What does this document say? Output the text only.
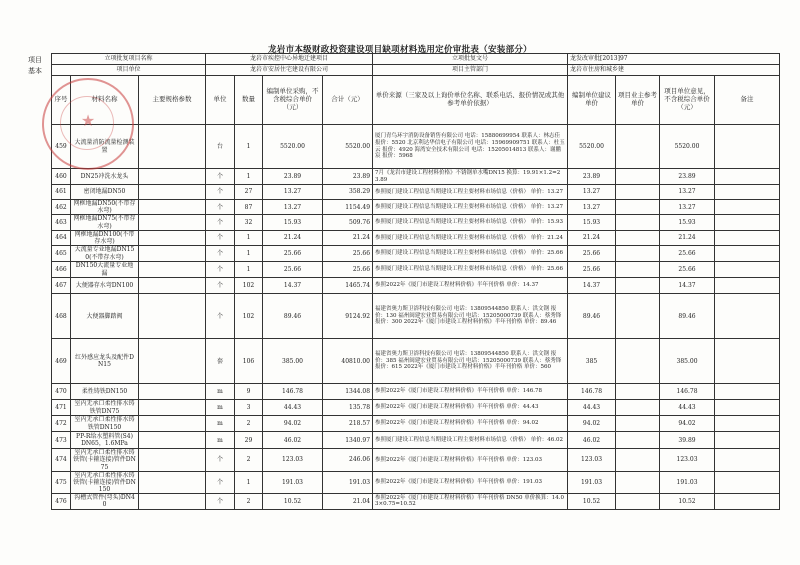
龙岩市本级财政投资建设项目缺项材料选用定价审批表（安装部分）
项目
基本
立项批复项目名称			龙岩市疾控中心异地迁建项目				立项批复文号	龙发改审批[2013]97			
项目单位			龙岩市安居住宅建设有限公司				项目主管部门	龙岩市住房和城乡建			
序号	材料名称	主要规格参数	单位	数量	编制单位采购，不含税综合单价（元）	合计（元）	单价来源（三家及以上询价单位名称、联系电话、报价情况或其他参考单价依据）	编制单位建议单价	项目业主参考单价	项目单位意见，不含税综合单价（元）	备注
459	大流量消防流量检测装置		台	1	5520.00	5520.00	厦门青鸟环宇消防设备销售有限公司 电话：15880699954 联系人：林志佳 报价：5520 北京利达华信电子有限公司 电话：15969909751 联系人：杜玉云 报价：4920 海湾安全技术有限公司 电话：15205014813 联系人：谢鹏宸 报价：5968	5520.00		5520.00	
460	DN25冲洗水龙头		个	1	23.89	23.89	7月《龙岩市建设工程材料价格》不锈钢单水嘴DN15 换算：19.91×1.2=23.89	23.89		23.89	
461	密闭地漏DN50		个	27	13.27	358.29	参照厦门建设工程信息当期建设工程主要材料市场信息（价格） 单价：13.27	13.27		13.27	
462	网框地漏DN50(不带存水弯)		个	87	13.27	1154.49	参照厦门建设工程信息当期建设工程主要材料市场信息（价格） 单价：13.27	13.27		13.27	
463	网框地漏DN75(不带存水弯)		个	32	15.93	509.76	参照厦门建设工程信息当期建设工程主要材料市场信息（价格） 单价：15.93	15.93		15.93	
464	网框地漏DN100(不带存水弯)		个	1	21.24	21.24	参照厦门建设工程信息当期建设工程主要材料市场信息（价格） 单价：21.24	21.24		21.24	
465	大流量专业地漏DN150(不带存水弯)		个	1	25.66	25.66	参照厦门建设工程信息当期建设工程主要材料市场信息（价格） 单价：25.66	25.66		25.66	
466	DN150大流量专业地漏		个	1	25.66	25.66	参照厦门建设工程信息当期建设工程主要材料市场信息（价格） 单价：25.66	25.66		25.66	
467	大便器存水弯DN100		个	102	14.37	1465.74	参照2022年《厦门市建设工程材料价格》半年刊价格 单价：14.37	14.37		14.37	
468	大便器脚踏阀		个	102	89.46	9124.92	福建省奥力斯卫浴科技有限公司 电话：13809544850 联系人：洪文钢 报价：130 福州闽建宏业贸易有限公司 电话：15205000739 联系人：蔡秀锋 报价：300 2022年《厦门市建设工程材料价格》半年刊价格 单价：89.46	89.46		89.46	
469	红外感应龙头及配件DN15		套	106	385.00	40810.00	福建省奥力斯卫浴科技有限公司 电话：13809544850 联系人：洪文钢 报价：385 福州闽建宏业贸易有限公司 电话：15205000739 联系人：蔡秀锋 报价：615 2022年《厦门市建设工程材料价格》半年刊价格 单价：560	385		385.00	
470	柔性铸铁DN150		m	9	146.78	1344.08	参照2022年《厦门市建设工程材料价格》半年刊价格 单价：146.78	146.78		146.78	
471	室内无承口柔性排水铸铁管DN75		m	3	44.43	135.78	参照2022年《厦门市建设工程材料价格》半年刊价格 单价：44.43	44.43		44.43	
472	室内无承口柔性排水铸铁管DN150		m	2	94.02	218.57	参照2022年《厦门市建设工程材料价格》半年刊价格 单价：94.02	94.02		94.02	
473	PP-R给水塑料管(S4) DN65，1.6MPa		m	29	46.02	1340.97	参照厦门建设工程信息当期建设工程主要材料市场信息（价格） 单价：46.02	46.02		39.89	
474	室内无承口柔性排水铸铁管(卡箍连接)管件DN75		个	2	123.03	246.06	参照2022年《厦门市建设工程材料价格》半年刊价格 单价：123.03	123.03		123.03	
475	室内无承口柔性排水铸铁管(卡箍连接)管件DN150		个	1	191.03	191.03	参照2022年《厦门市建设工程材料价格》半年刊价格 单价：191.03	191.03		191.03	
476	沟槽式管件(弯头)DN40		个	2	10.52	21.04	参照2022年《厦门市建设工程材料价格》半年刊价格 DN50 单价换算：14.03×0.75=10.52	10.52		10.52	
★
